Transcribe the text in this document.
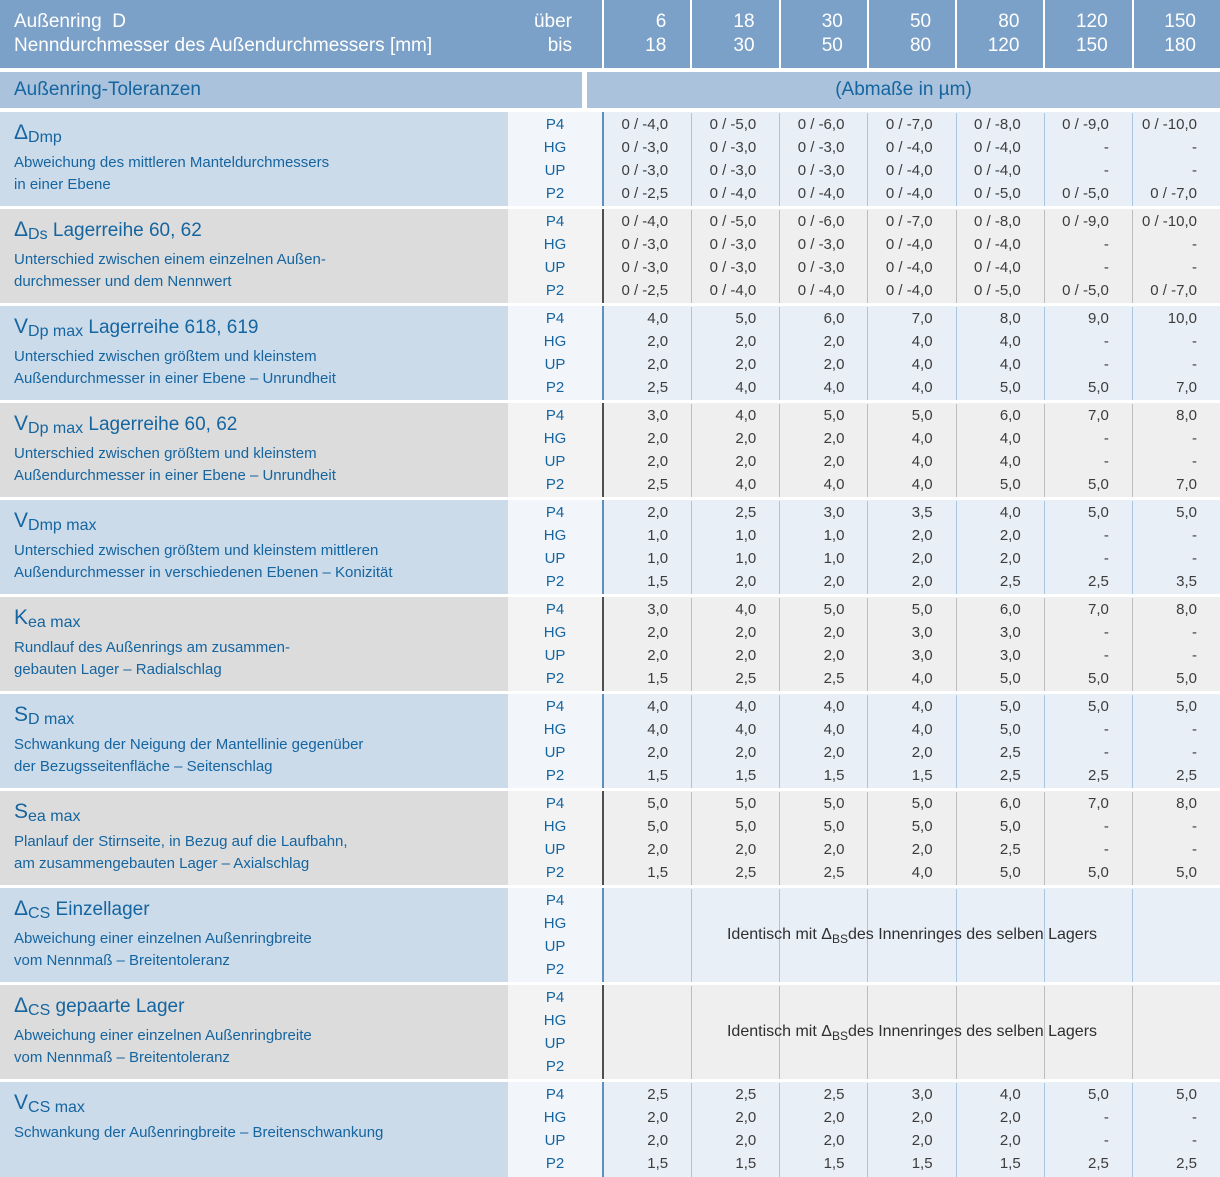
Außenring  D
Nenndurchmesser des Außendurchmessers [mm]
über
bis
6
18
18
30
30
50
50
80
80
120
120
150
150
180
Außenring-Toleranzen	(Abmaße in µm)
ΔDmp
Abweichung des mittleren Manteldurchmessers
in einer Ebene
P4
HG
UP
P2
0 / -4,0
0 / -3,0
0 / -3,0
0 / -2,5
0 / -5,0
0 / -3,0
0 / -3,0
0 / -4,0
0 / -6,0
0 / -3,0
0 / -3,0
0 / -4,0
0 / -7,0
0 / -4,0
0 / -4,0
0 / -4,0
0 / -8,0
0 / -4,0
0 / -4,0
0 / -5,0
0 / -9,0
-
-
0 / -5,0
0 / -10,0
-
-
0 / -7,0
ΔDs Lagerreihe 60, 62
Unterschied zwischen einem einzelnen Außen-
durchmesser und dem Nennwert
P4
HG
UP
P2
0 / -4,0
0 / -3,0
0 / -3,0
0 / -2,5
0 / -5,0
0 / -3,0
0 / -3,0
0 / -4,0
0 / -6,0
0 / -3,0
0 / -3,0
0 / -4,0
0 / -7,0
0 / -4,0
0 / -4,0
0 / -4,0
0 / -8,0
0 / -4,0
0 / -4,0
0 / -5,0
0 / -9,0
-
-
0 / -5,0
0 / -10,0
-
-
0 / -7,0
VDp max Lagerreihe 618, 619
Unterschied zwischen größtem und kleinstem
Außendurchmesser in einer Ebene – Unrundheit
P4
HG
UP
P2
4,0
2,0
2,0
2,5
5,0
2,0
2,0
4,0
6,0
2,0
2,0
4,0
7,0
4,0
4,0
4,0
8,0
4,0
4,0
5,0
9,0
-
-
5,0
10,0
-
-
7,0
VDp max Lagerreihe 60, 62
Unterschied zwischen größtem und kleinstem
Außendurchmesser in einer Ebene – Unrundheit
P4
HG
UP
P2
3,0
2,0
2,0
2,5
4,0
2,0
2,0
4,0
5,0
2,0
2,0
4,0
5,0
4,0
4,0
4,0
6,0
4,0
4,0
5,0
7,0
-
-
5,0
8,0
-
-
7,0
VDmp max
Unterschied zwischen größtem und kleinstem mittleren
Außendurchmesser in verschiedenen Ebenen – Konizität
P4
HG
UP
P2
2,0
1,0
1,0
1,5
2,5
1,0
1,0
2,0
3,0
1,0
1,0
2,0
3,5
2,0
2,0
2,0
4,0
2,0
2,0
2,5
5,0
-
-
2,5
5,0
-
-
3,5
Kea max
Rundlauf des Außenrings am zusammen-
gebauten Lager – Radialschlag
P4
HG
UP
P2
3,0
2,0
2,0
1,5
4,0
2,0
2,0
2,5
5,0
2,0
2,0
2,5
5,0
3,0
3,0
4,0
6,0
3,0
3,0
5,0
7,0
-
-
5,0
8,0
-
-
5,0
SD max
Schwankung der Neigung der Mantellinie gegenüber
der Bezugsseitenfläche – Seitenschlag
P4
HG
UP
P2
4,0
4,0
2,0
1,5
4,0
4,0
2,0
1,5
4,0
4,0
2,0
1,5
4,0
4,0
2,0
1,5
5,0
5,0
2,5
2,5
5,0
-
-
2,5
5,0
-
-
2,5
Sea max
Planlauf der Stirnseite, in Bezug auf die Laufbahn,
am zusammengebauten Lager – Axialschlag
P4
HG
UP
P2
5,0
5,0
2,0
1,5
5,0
5,0
2,0
2,5
5,0
5,0
2,0
2,5
5,0
5,0
2,0
4,0
6,0
5,0
2,5
5,0
7,0
-
-
5,0
8,0
-
-
5,0
ΔCS Einzellager
Abweichung einer einzelnen Außenringbreite
vom Nennmaß – Breitentoleranz
P4
HG
UP
P2
Identisch mit Δ BS des Innenringes des selben Lagers
ΔCS gepaarte Lager
Abweichung einer einzelnen Außenringbreite
vom Nennmaß – Breitentoleranz
P4
HG
UP
P2
Identisch mit Δ BS des Innenringes des selben Lagers
VCS max
Schwankung der Außenringbreite – Breitenschwankung
P4
HG
UP
P2
2,5
2,0
2,0
1,5
2,5
2,0
2,0
1,5
2,5
2,0
2,0
1,5
3,0
2,0
2,0
1,5
4,0
2,0
2,0
1,5
5,0
-
-
2,5
5,0
-
-
2,5
